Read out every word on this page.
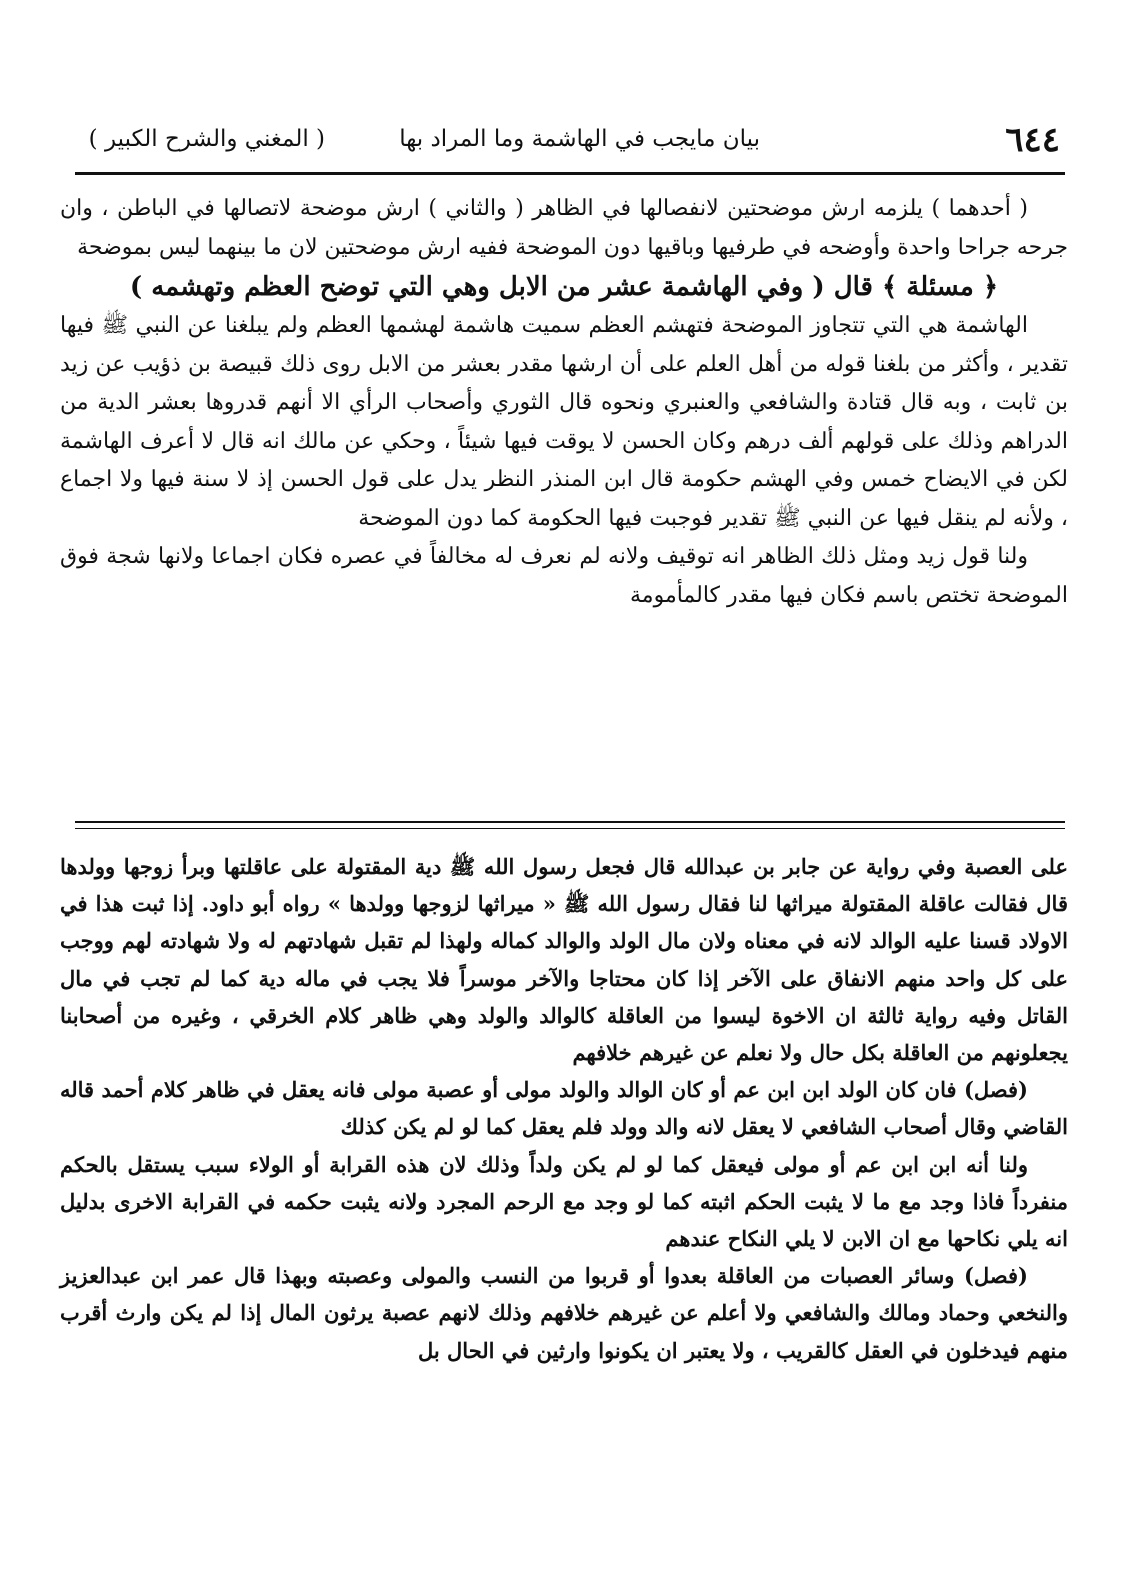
٦٤٤
بيان مايجب في الهاشمة وما المراد بها
( المغني والشرح الكبير )

( أحدهما ) يلزمه ارش موضحتين لانفصالها في الظاهر ( والثاني ) ارش موضحة لاتصالها في الباطن ، وان جرحه جراحا واحدة وأوضحه في طرفيها وباقيها دون الموضحة ففيه ارش موضحتين لان ما بينهما ليس بموضحة

﴿ مسئلة ﴾ قال ( وفي الهاشمة عشر من الابل وهي التي توضح العظم وتهشمه )

الهاشمة هي التي تتجاوز الموضحة فتهشم العظم سميت هاشمة لهشمها العظم ولم يبلغنا عن النبي ﷺ فيها تقدير ، وأكثر من بلغنا قوله من أهل العلم على أن ارشها مقدر بعشر من الابل روى ذلك قبيصة بن ذؤيب عن زيد بن ثابت ، وبه قال قتادة والشافعي والعنبري ونحوه قال الثوري وأصحاب الرأي الا أنهم قدروها بعشر الدية من الدراهم وذلك على قولهم ألف درهم وكان الحسن لا يوقت فيها شيئاً ، وحكي عن مالك انه قال لا أعرف الهاشمة لكن في الايضاح خمس وفي الهشم حكومة قال ابن المنذر النظر يدل على قول الحسن إذ لا سنة فيها ولا اجماع ، ولأنه لم ينقل فيها عن النبي ﷺ تقدير فوجبت فيها الحكومة كما دون الموضحة

ولنا قول زيد ومثل ذلك الظاهر انه توقيف ولانه لم نعرف له مخالفاً في عصره فكان اجماعا ولانها شجة فوق الموضحة تختص باسم فكان فيها مقدر كالمأمومة

على العصبة وفي رواية عن جابر بن عبدالله قال فجعل رسول الله ﷺ دية المقتولة على عاقلتها وبرأ زوجها وولدها قال فقالت عاقلة المقتولة ميراثها لنا فقال رسول الله ﷺ « ميراثها لزوجها وولدها » رواه أبو داود. إذا ثبت هذا في الاولاد قسنا عليه الوالد لانه في معناه ولان مال الولد والوالد كماله ولهذا لم تقبل شهادتهم له ولا شهادته لهم ووجب على كل واحد منهم الانفاق على الآخر إذا كان محتاجا والآخر موسراً فلا يجب في ماله دية كما لم تجب في مال القاتل وفيه رواية ثالثة ان الاخوة ليسوا من العاقلة كالوالد والولد وهي ظاهر كلام الخرقي ، وغيره من أصحابنا يجعلونهم من العاقلة بكل حال ولا نعلم عن غيرهم خلافهم

(فصل) فان كان الولد ابن ابن عم أو كان الوالد والولد مولى أو عصبة مولى فانه يعقل في ظاهر كلام أحمد قاله القاضي وقال أصحاب الشافعي لا يعقل لانه والد وولد فلم يعقل كما لو لم يكن كذلك

ولنا أنه ابن ابن عم أو مولى فيعقل كما لو لم يكن ولداً وذلك لان هذه القرابة أو الولاء سبب يستقل بالحكم منفرداً فاذا وجد مع ما لا يثبت الحكم اثبته كما لو وجد مع الرحم المجرد ولانه يثبت حكمه في القرابة الاخرى بدليل انه يلي نكاحها مع ان الابن لا يلي النكاح عندهم

(فصل) وسائر العصبات من العاقلة بعدوا أو قربوا من النسب والمولى وعصبته وبهذا قال عمر ابن عبدالعزيز والنخعي وحماد ومالك والشافعي ولا أعلم عن غيرهم خلافهم وذلك لانهم عصبة يرثون المال إذا لم يكن وارث أقرب منهم فيدخلون في العقل كالقريب ، ولا يعتبر ان يكونوا وارثين في الحال بل
